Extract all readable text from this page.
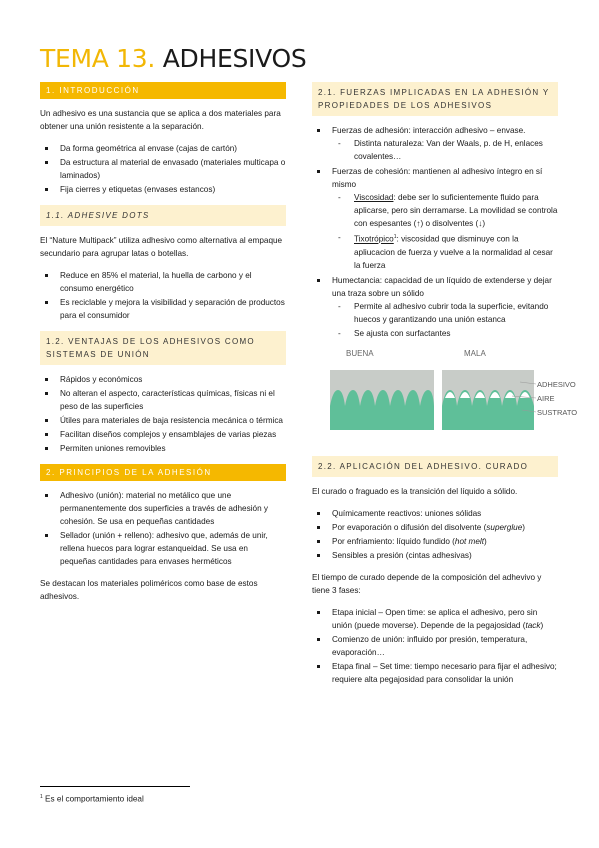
TEMA 13. ADHESIVOS
1. INTRODUCCIÓN

Un adhesivo es una sustancia que se aplica a dos materiales para obtener una unión resistente a la separación.

Da forma geométrica al envase (cajas de cartón)
Da estructura al material de envasado (materiales multicapa o laminados)
Fija cierres y etiquetas (envases estancos)
1.1. ADHESIVE DOTS

El “Nature Multipack” utiliza adhesivo como alternativa al empaque secundario para agrupar latas o botellas.

Reduce en 85% el material, la huella de carbono y el consumo energético
Es reciclable y mejora la visibilidad y separación de productos para el consumidor
1.2. VENTAJAS DE LOS ADHESIVOS COMO SISTEMAS DE UNIÓN
Rápidos y económicos
No alteran el aspecto, características químicas, físicas ni el peso de las superficies
Útiles para materiales de baja resistencia mecánica o térmica
Facilitan diseños complejos y ensamblajes de varias piezas
Permiten uniones removibles
2. PRINCIPIOS DE LA ADHESIÓN
Adhesivo (unión): material no metálico que une permanentemente dos superficies a través de adhesión y cohesión. Se usa en pequeñas cantidades
Sellador (unión + relleno): adhesivo que, además de unir, rellena huecos para lograr estanqueidad. Se usa en pequeñas cantidades para envases herméticos

Se destacan los materiales poliméricos como base de estos adhesivos.

2.1. FUERZAS IMPLICADAS EN LA ADHESIÓN Y PROPIEDADES DE LOS ADHESIVOS
Fuerzas de adhesión: interacción adhesivo – envase.
- Distinta naturaleza: Van der Waals, p. de H, enlaces covalentes…
Fuerzas de cohesión: mantienen al adhesivo íntegro en sí mismo
- Viscosidad: debe ser lo suficientemente fluido para aplicarse, pero sin derramarse. La movilidad se controla con espesantes (↑) o disolventes (↓)
- Tixotrópico$^1$: viscosidad que disminuye con la apliucacion de fuerza y vuelve a la normalidad al cesar la fuerza
Humectancia: capacidad de un líquido de extenderse y dejar una traza sobre un sólido
- Permite al adhesivo cubrir toda la superficie, evitando huecos y garantizando una unión estanca
- Se ajusta con surfactantes
BUENA	MALA
ADHESIVO
AIRE
SUSTRATO
2.2. APLICACIÓN DEL ADHESIVO. CURADO

El curado o fraguado es la transición del líquido a sólido.

Químicamente reactivos: uniones sólidas
Por evaporación o difusión del disolvente (superglue)
Por enfriamiento: líquido fundido (hot melt)
Sensibles a presión (cintas adhesivas)

El tiempo de curado depende de la composición del adhevivo y tiene 3 fases:

Etapa inicial – Open time: se aplica el adhesivo, pero sin unión (puede moverse). Depende de la pegajosidad (tack)
Comienzo de unión: influido por presión, temperatura, evaporación…
Etapa final – Set time: tiempo necesario para fijar el adhesivo; requiere alta pegajosidad para consolidar la unión
$^1$ Es el comportamiento ideal
